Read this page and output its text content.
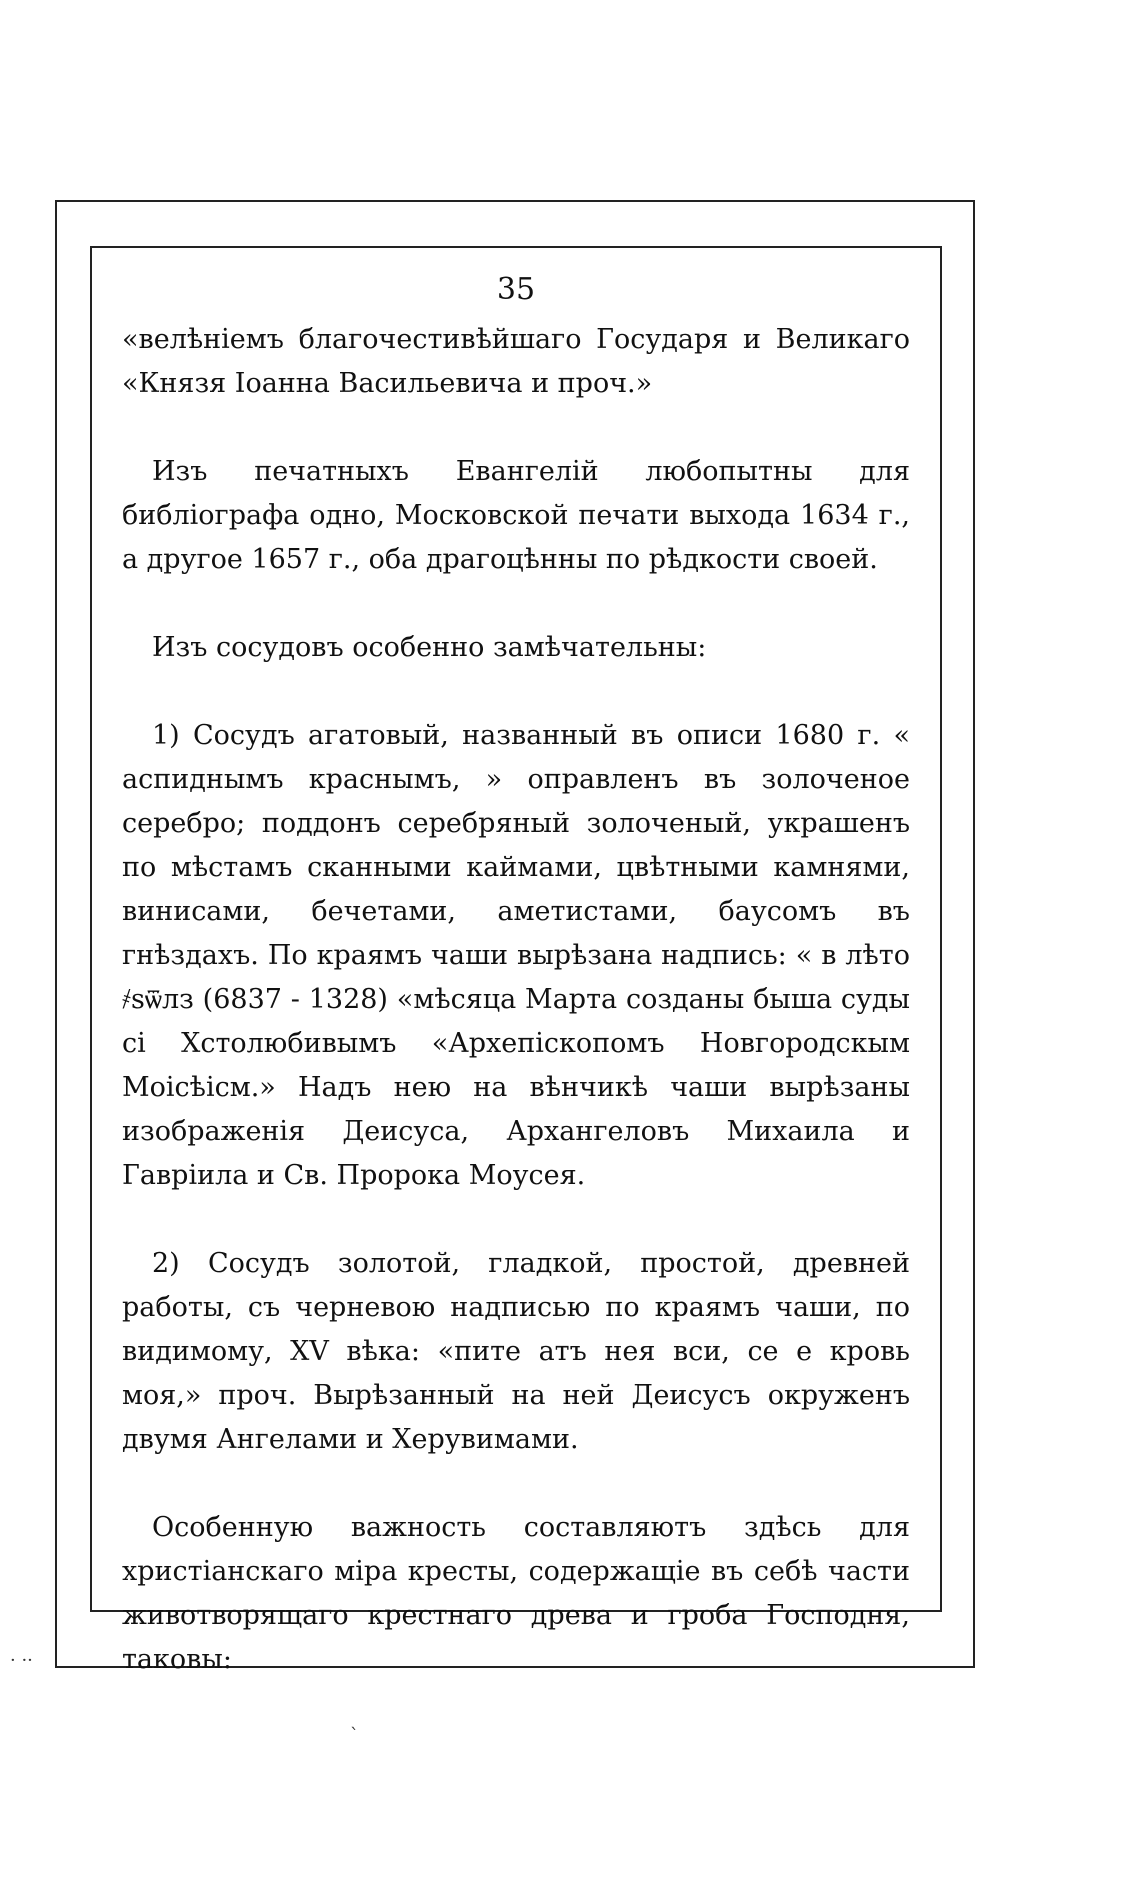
35

«велѣніемъ благочестивѣйшаго Государя и Великаго «Князя Іоанна Васильевича и проч.»

Изъ печатныхъ Евангелій любопытны для библіографа одно, Московской печати выхода 1634 г., а другое 1657 г., оба драгоцѣнны по рѣдкости своей.

Изъ сосудовъ особенно замѣчательны:

1) Сосудъ агатовый, названный въ описи 1680 г. « аспиднымъ краснымъ, » оправленъ въ золоченое серебро; поддонъ серебряный золоченый, украшенъ по мѣстамъ сканными каймами, цвѣтными камнями, винисами, бечетами, аметистами, баусомъ въ гнѣздахъ. По краямъ чаши вырѣзана надпись: « в лѣто ҂ѕѿлз (6837 - 1328) «мѣсяца Марта созданы быша суды сі Хстолюбивымъ «Архепіскопомъ Новгородскым Моісѣісм.» Надъ нею на вѣнчикѣ чаши вырѣзаны изображенія Деисуса, Архангеловъ Михаила и Гавріила и Св. Пророка Моусея.

2) Сосудъ золотой, гладкой, простой, древней работы, съ черневою надписью по краямъ чаши, по видимому, XV вѣка: «пите атъ нея вси, се е кровь моя,» проч. Вырѣзанный на ней Деисусъ окруженъ двумя Ангелами и Херувимами.

Особенную важность составляютъ здѣсь для христіанскаго міра кресты, содержащіе въ себѣ части животворящаго крестнаго древа и гроба Господня, таковы:

· ··
ˋ
